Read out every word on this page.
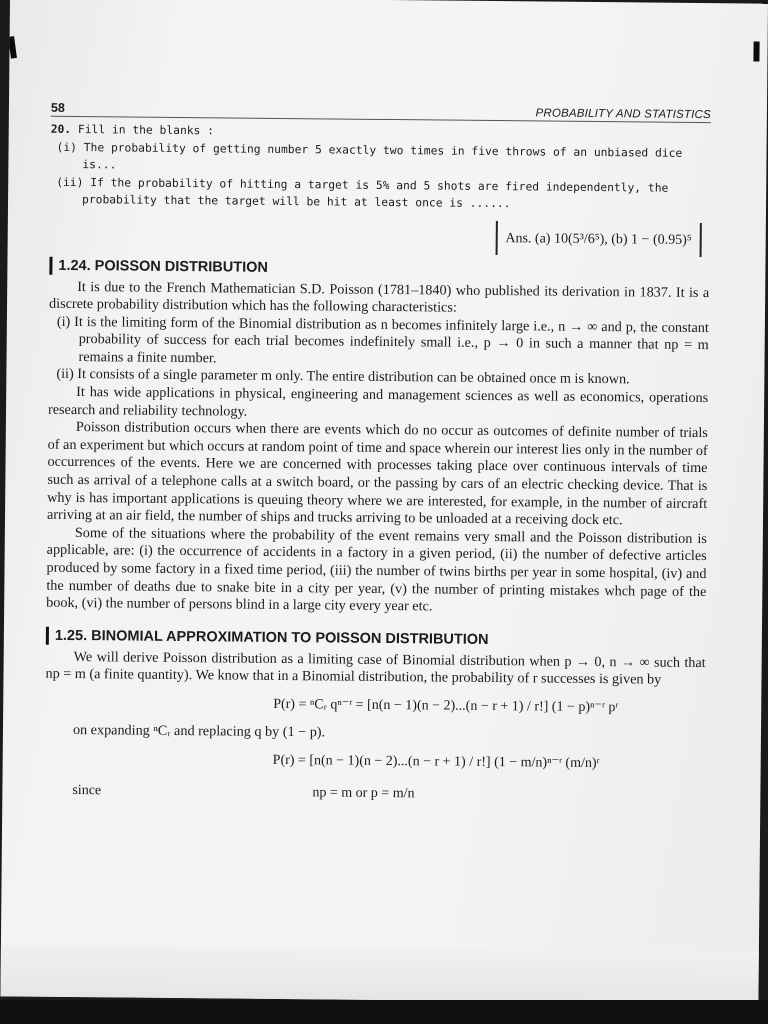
58	PROBABILITY AND STATISTICS
20. Fill in the blanks :
(i) The probability of getting number 5 exactly two times in five throws of an unbiased dice is...
(ii) If the probability of hitting a target is 5% and 5 shots are fired independently, the probability that the target will be hit at least once is ......
Ans. (a) 10(5³/6⁵), (b) 1 − (0.95)⁵
1.24. POISSON DISTRIBUTION

It is due to the French Mathematician S.D. Poisson (1781–1840) who published its derivation in 1837. It is a discrete probability distribution which has the following characteristics:

(i) It is the limiting form of the Binomial distribution as n becomes infinitely large i.e., n → ∞ and p, the constant probability of success for each trial becomes indefinitely small i.e., p → 0 in such a manner that np = m remains a finite number.

(ii) It consists of a single parameter m only. The entire distribution can be obtained once m is known.

It has wide applications in physical, engineering and management sciences as well as economics, operations research and reliability technology.

Poisson distribution occurs when there are events which do no occur as outcomes of definite number of trials of an experiment but which occurs at random point of time and space wherein our interest lies only in the number of occurrences of the events. Here we are concerned with processes taking place over continuous intervals of time such as arrival of a telephone calls at a switch board, or the passing by cars of an electric checking device. That is why is has important applications is queuing theory where we are interested, for example, in the number of aircraft arriving at an air field, the number of ships and trucks arriving to be unloaded at a receiving dock etc.

Some of the situations where the probability of the event remains very small and the Poisson distribution is applicable, are: (i) the occurrence of accidents in a factory in a given period, (ii) the number of defective articles produced by some factory in a fixed time period, (iii) the number of twins births per year in some hospital, (iv) and the number of deaths due to snake bite in a city per year, (v) the number of printing mistakes whch page of the book, (vi) the number of persons blind in a large city every year etc.

1.25. BINOMIAL APPROXIMATION TO POISSON DISTRIBUTION

We will derive Poisson distribution as a limiting case of Binomial distribution when p → 0, n → ∞ such that np = m (a finite quantity). We know that in a Binomial distribution, the probability of r successes is given by

P(r) = ⁿCᵣ qⁿ⁻ʳ = [n(n − 1)(n − 2)...(n − r + 1) / r!] (1 − p)ⁿ⁻ʳ pʳ

on expanding ⁿCᵣ and replacing q by (1 − p).

P(r) = [n(n − 1)(n − 2)...(n − r + 1) / r!] (1 − m/n)ⁿ⁻ʳ (m/n)ʳ
since	np = m or p = m/n
